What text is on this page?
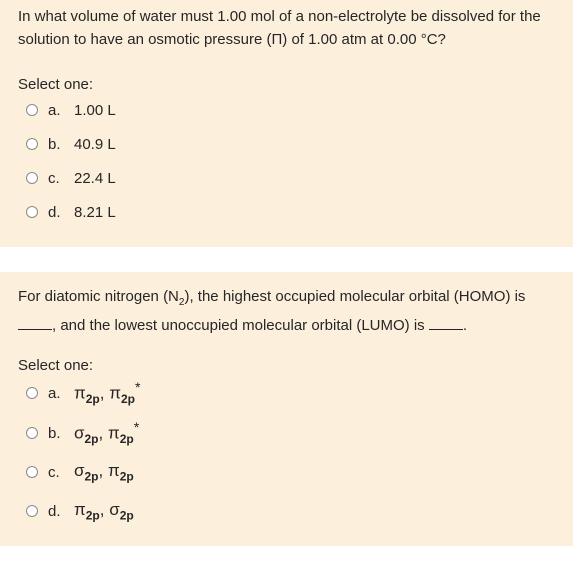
In what volume of water must 1.00 mol of a non-electrolyte be dissolved for the solution to have an osmotic pressure (Π) of 1.00 atm at 0.00 °C?
Select one:
a. 1.00 L
b. 40.9 L
c. 22.4 L
d. 8.21 L
For diatomic nitrogen $(N_2)$, the highest occupied molecular orbital (HOMO) is
, and the lowest unoccupied molecular orbital (LUMO) is	.
Select one:
a. $\pi_{2p}$, $\pi_{2p}^*$
b. $\sigma_{2p}$, $\pi_{2p}^*$
c. $\sigma_{2p}$, $\pi_{2p}$
d. $\pi_{2p}$, $\sigma_{2p}$
